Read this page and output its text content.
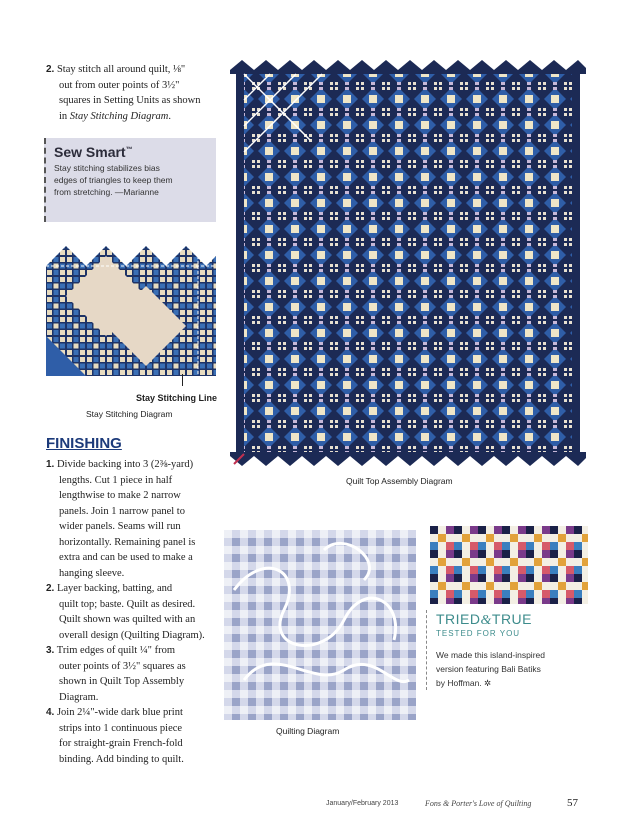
2. Stay stitch all around quilt, ⅛"
out from outer points of 3½"
squares in Setting Units as shown
in Stay Stitching Diagram.
Sew Smart™
Stay stitching stabilizes bias
edges of triangles to keep them
from stretching. —Marianne
Stay Stitching Line
Stay Stitching Diagram
FINISHING
1. Divide backing into 3 (2⅜-yard)
lengths. Cut 1 piece in half
lengthwise to make 2 narrow
panels. Join 1 narrow panel to
wider panels. Seams will run
horizontally. Remaining panel is
extra and can be used to make a
hanging sleeve.
2. Layer backing, batting, and
quilt top; baste. Quilt as desired.
Quilt shown was quilted with an
overall design (Quilting Diagram).
3. Trim edges of quilt ¼" from
outer points of 3½" squares as
shown in Quilt Top Assembly
Diagram.
4. Join 2¼"-wide dark blue print
strips into 1 continuous piece
for straight-grain French-fold
binding. Add binding to quilt.
Quilt Top Assembly Diagram
Quilting Diagram
TRIED&TRUE
TESTED FOR YOU
We made this island-inspired
version featuring Bali Batiks
by Hoffman. ✲
January/February 2013	Fons & Porter's Love of Quilting	57
